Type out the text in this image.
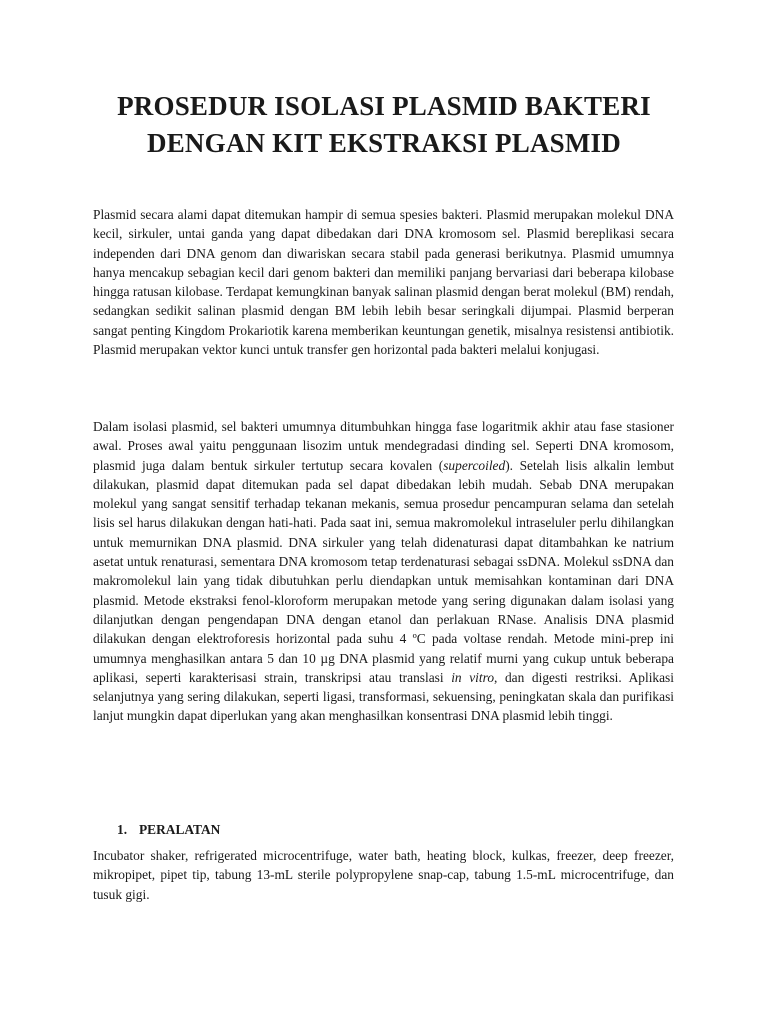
PROSEDUR ISOLASI PLASMID BAKTERI
DENGAN KIT EKSTRAKSI PLASMID

Plasmid secara alami dapat ditemukan hampir di semua spesies bakteri. Plasmid merupakan molekul DNA kecil, sirkuler, untai ganda yang dapat dibedakan dari DNA kromosom sel. Plasmid bereplikasi secara independen dari DNA genom dan diwariskan secara stabil pada generasi berikutnya. Plasmid umumnya hanya mencakup sebagian kecil dari genom bakteri dan memiliki panjang bervariasi dari beberapa kilobase hingga ratusan kilobase. Terdapat kemungkinan banyak salinan plasmid dengan berat molekul (BM) rendah, sedangkan sedikit salinan plasmid dengan BM lebih lebih besar seringkali dijumpai. Plasmid berperan sangat penting Kingdom Prokariotik karena memberikan keuntungan genetik, misalnya resistensi antibiotik. Plasmid merupakan vektor kunci untuk transfer gen horizontal pada bakteri melalui konjugasi.

Dalam isolasi plasmid, sel bakteri umumnya ditumbuhkan hingga fase logaritmik akhir atau fase stasioner awal. Proses awal yaitu penggunaan lisozim untuk mendegradasi dinding sel. Seperti DNA kromosom, plasmid juga dalam bentuk sirkuler tertutup secara kovalen (supercoiled). Setelah lisis alkalin lembut dilakukan, plasmid dapat ditemukan pada sel dapat dibedakan lebih mudah. Sebab DNA merupakan molekul yang sangat sensitif terhadap tekanan mekanis, semua prosedur pencampuran selama dan setelah lisis sel harus dilakukan dengan hati-hati. Pada saat ini, semua makromolekul intraseluler perlu dihilangkan untuk memurnikan DNA plasmid. DNA sirkuler yang telah didenaturasi dapat ditambahkan ke natrium asetat untuk renaturasi, sementara DNA kromosom tetap terdenaturasi sebagai ssDNA. Molekul ssDNA dan makromolekul lain yang tidak dibutuhkan perlu diendapkan untuk memisahkan kontaminan dari DNA plasmid. Metode ekstraksi fenol-kloroform merupakan metode yang sering digunakan dalam isolasi yang dilanjutkan dengan pengendapan DNA dengan etanol dan perlakuan RNase. Analisis DNA plasmid dilakukan dengan elektroforesis horizontal pada suhu 4 ºC pada voltase rendah. Metode mini-prep ini umumnya menghasilkan antara 5 dan 10 µg DNA plasmid yang relatif murni yang cukup untuk beberapa aplikasi, seperti karakterisasi strain, transkripsi atau translasi in vitro, dan digesti restriksi. Aplikasi selanjutnya yang sering dilakukan, seperti ligasi, transformasi, sekuensing, peningkatan skala dan purifikasi lanjut mungkin dapat diperlukan yang akan menghasilkan konsentrasi DNA plasmid lebih tinggi.

1. PERALATAN

Incubator shaker, refrigerated microcentrifuge, water bath, heating block, kulkas, freezer, deep freezer, mikropipet, pipet tip, tabung 13-mL sterile polypropylene snap-cap, tabung 1.5-mL microcentrifuge, dan tusuk gigi.
